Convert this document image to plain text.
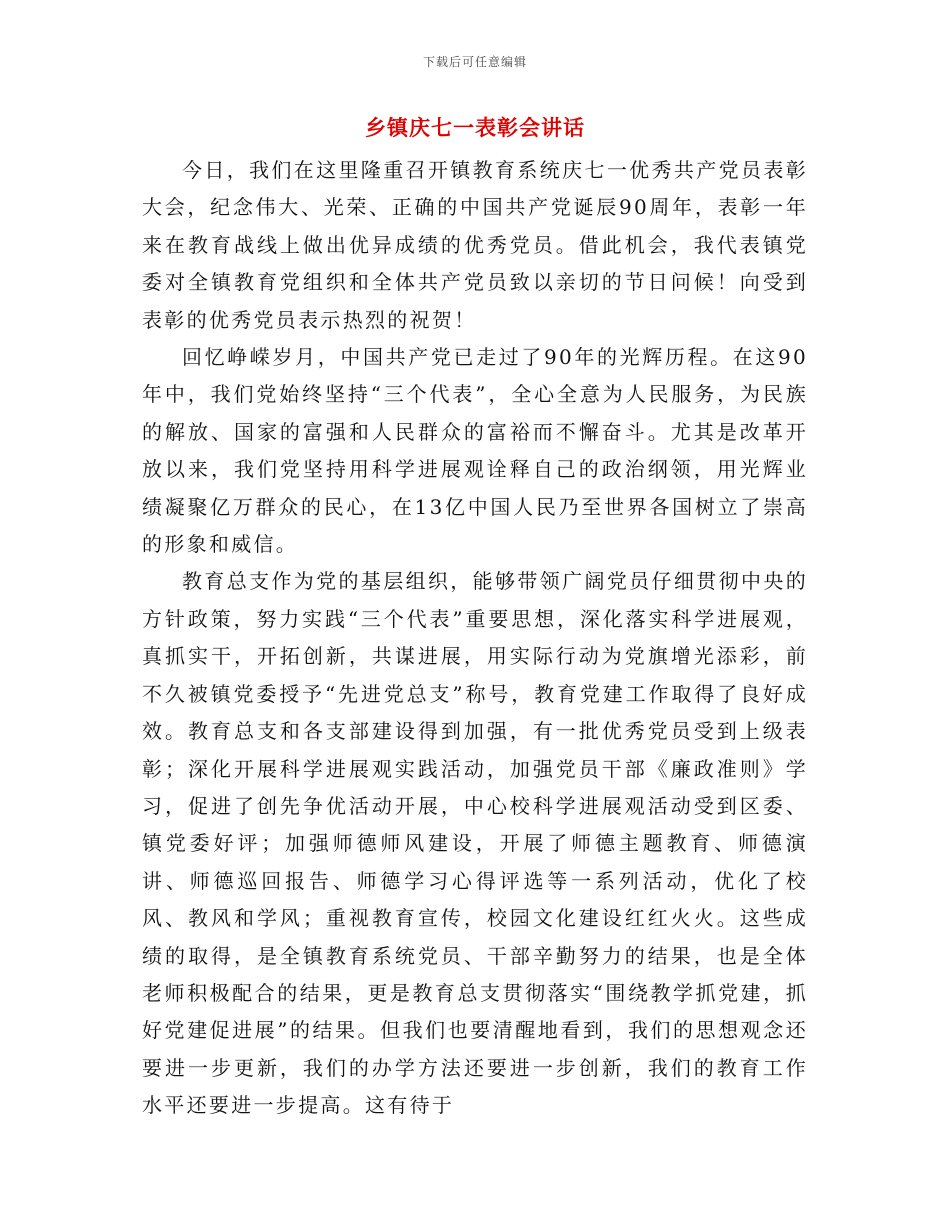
下载后可任意编辑
乡镇庆七一表彰会讲话

今日，我们在这里隆重召开镇教育系统庆七一优秀共产党员表彰大会，纪念伟大、光荣、正确的中国共产党诞辰90周年，表彰一年来在教育战线上做出优异成绩的优秀党员。借此机会，我代表镇党委对全镇教育党组织和全体共产党员致以亲切的节日问候！向受到表彰的优秀党员表示热烈的祝贺！

回忆峥嵘岁月，中国共产党已走过了90年的光辉历程。在这90年中，我们党始终坚持“三个代表”，全心全意为人民服务，为民族的解放、国家的富强和人民群众的富裕而不懈奋斗。尤其是改革开放以来，我们党坚持用科学进展观诠释自己的政治纲领，用光辉业绩凝聚亿万群众的民心，在13亿中国人民乃至世界各国树立了崇高的形象和威信。

教育总支作为党的基层组织，能够带领广阔党员仔细贯彻中央的方针政策，努力实践“三个代表”重要思想，深化落实科学进展观，真抓实干，开拓创新，共谋进展，用实际行动为党旗增光添彩，前不久被镇党委授予“先进党总支”称号，教育党建工作取得了良好成效。教育总支和各支部建设得到加强，有一批优秀党员受到上级表彰；深化开展科学进展观实践活动，加强党员干部《廉政准则》学习，促进了创先争优活动开展，中心校科学进展观活动受到区委、镇党委好评；加强师德师风建设，开展了师德主题教育、师德演讲、师德巡回报告、师德学习心得评选等一系列活动，优化了校风、教风和学风；重视教育宣传，校园文化建设红红火火。这些成绩的取得，是全镇教育系统党员、干部辛勤努力的结果，也是全体老师积极配合的结果，更是教育总支贯彻落实“围绕教学抓党建，抓好党建促进展”的结果。但我们也要清醒地看到，我们的思想观念还要进一步更新，我们的办学方法还要进一步创新，我们的教育工作水平还要进一步提高。这有待于
